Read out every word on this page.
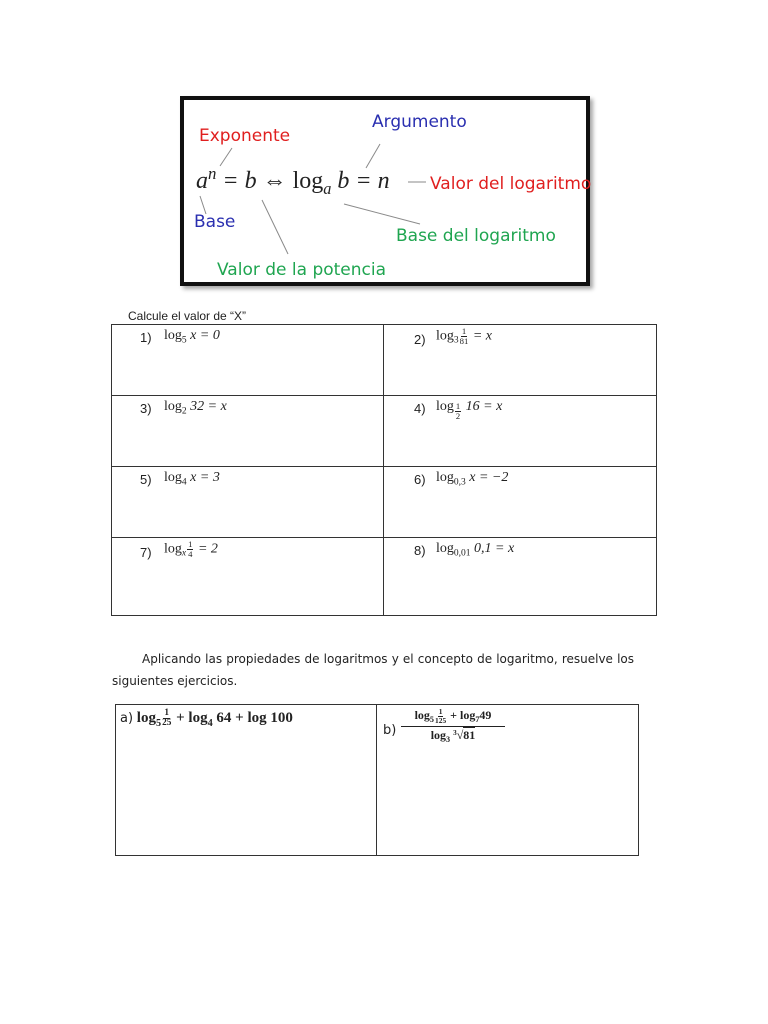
Exponente
Argumento
Base
Valor de la potencia
Base del logaritmo
Valor del logaritmo
$a^n = b$ ⇔ $\log_a b = n$
Calcule el valor de “X”
1) $\log_5 x = 0$	2) $\log_3 \frac{1}{81} = x$

3) $\log_2 32 = x$	4) log $_{\frac{1}{2}}$ 16 = x

5) $\log_4 x = 3$	6) $\log_{0,3} x = -2$

7) $\log_x \frac{1}{4} = 2$	8) $\log_{0,01} 0,1 = x$
Aplicando las propiedades de logaritmos y el concepto de logaritmo, resuelve los siguientes ejercicios.
a) $\log_5 \frac{1}{25} + \log_4 64 + \log 100$

b)
$\log_5 \frac{1}{125} + \log_749$
$\log_3 ^3√81$
